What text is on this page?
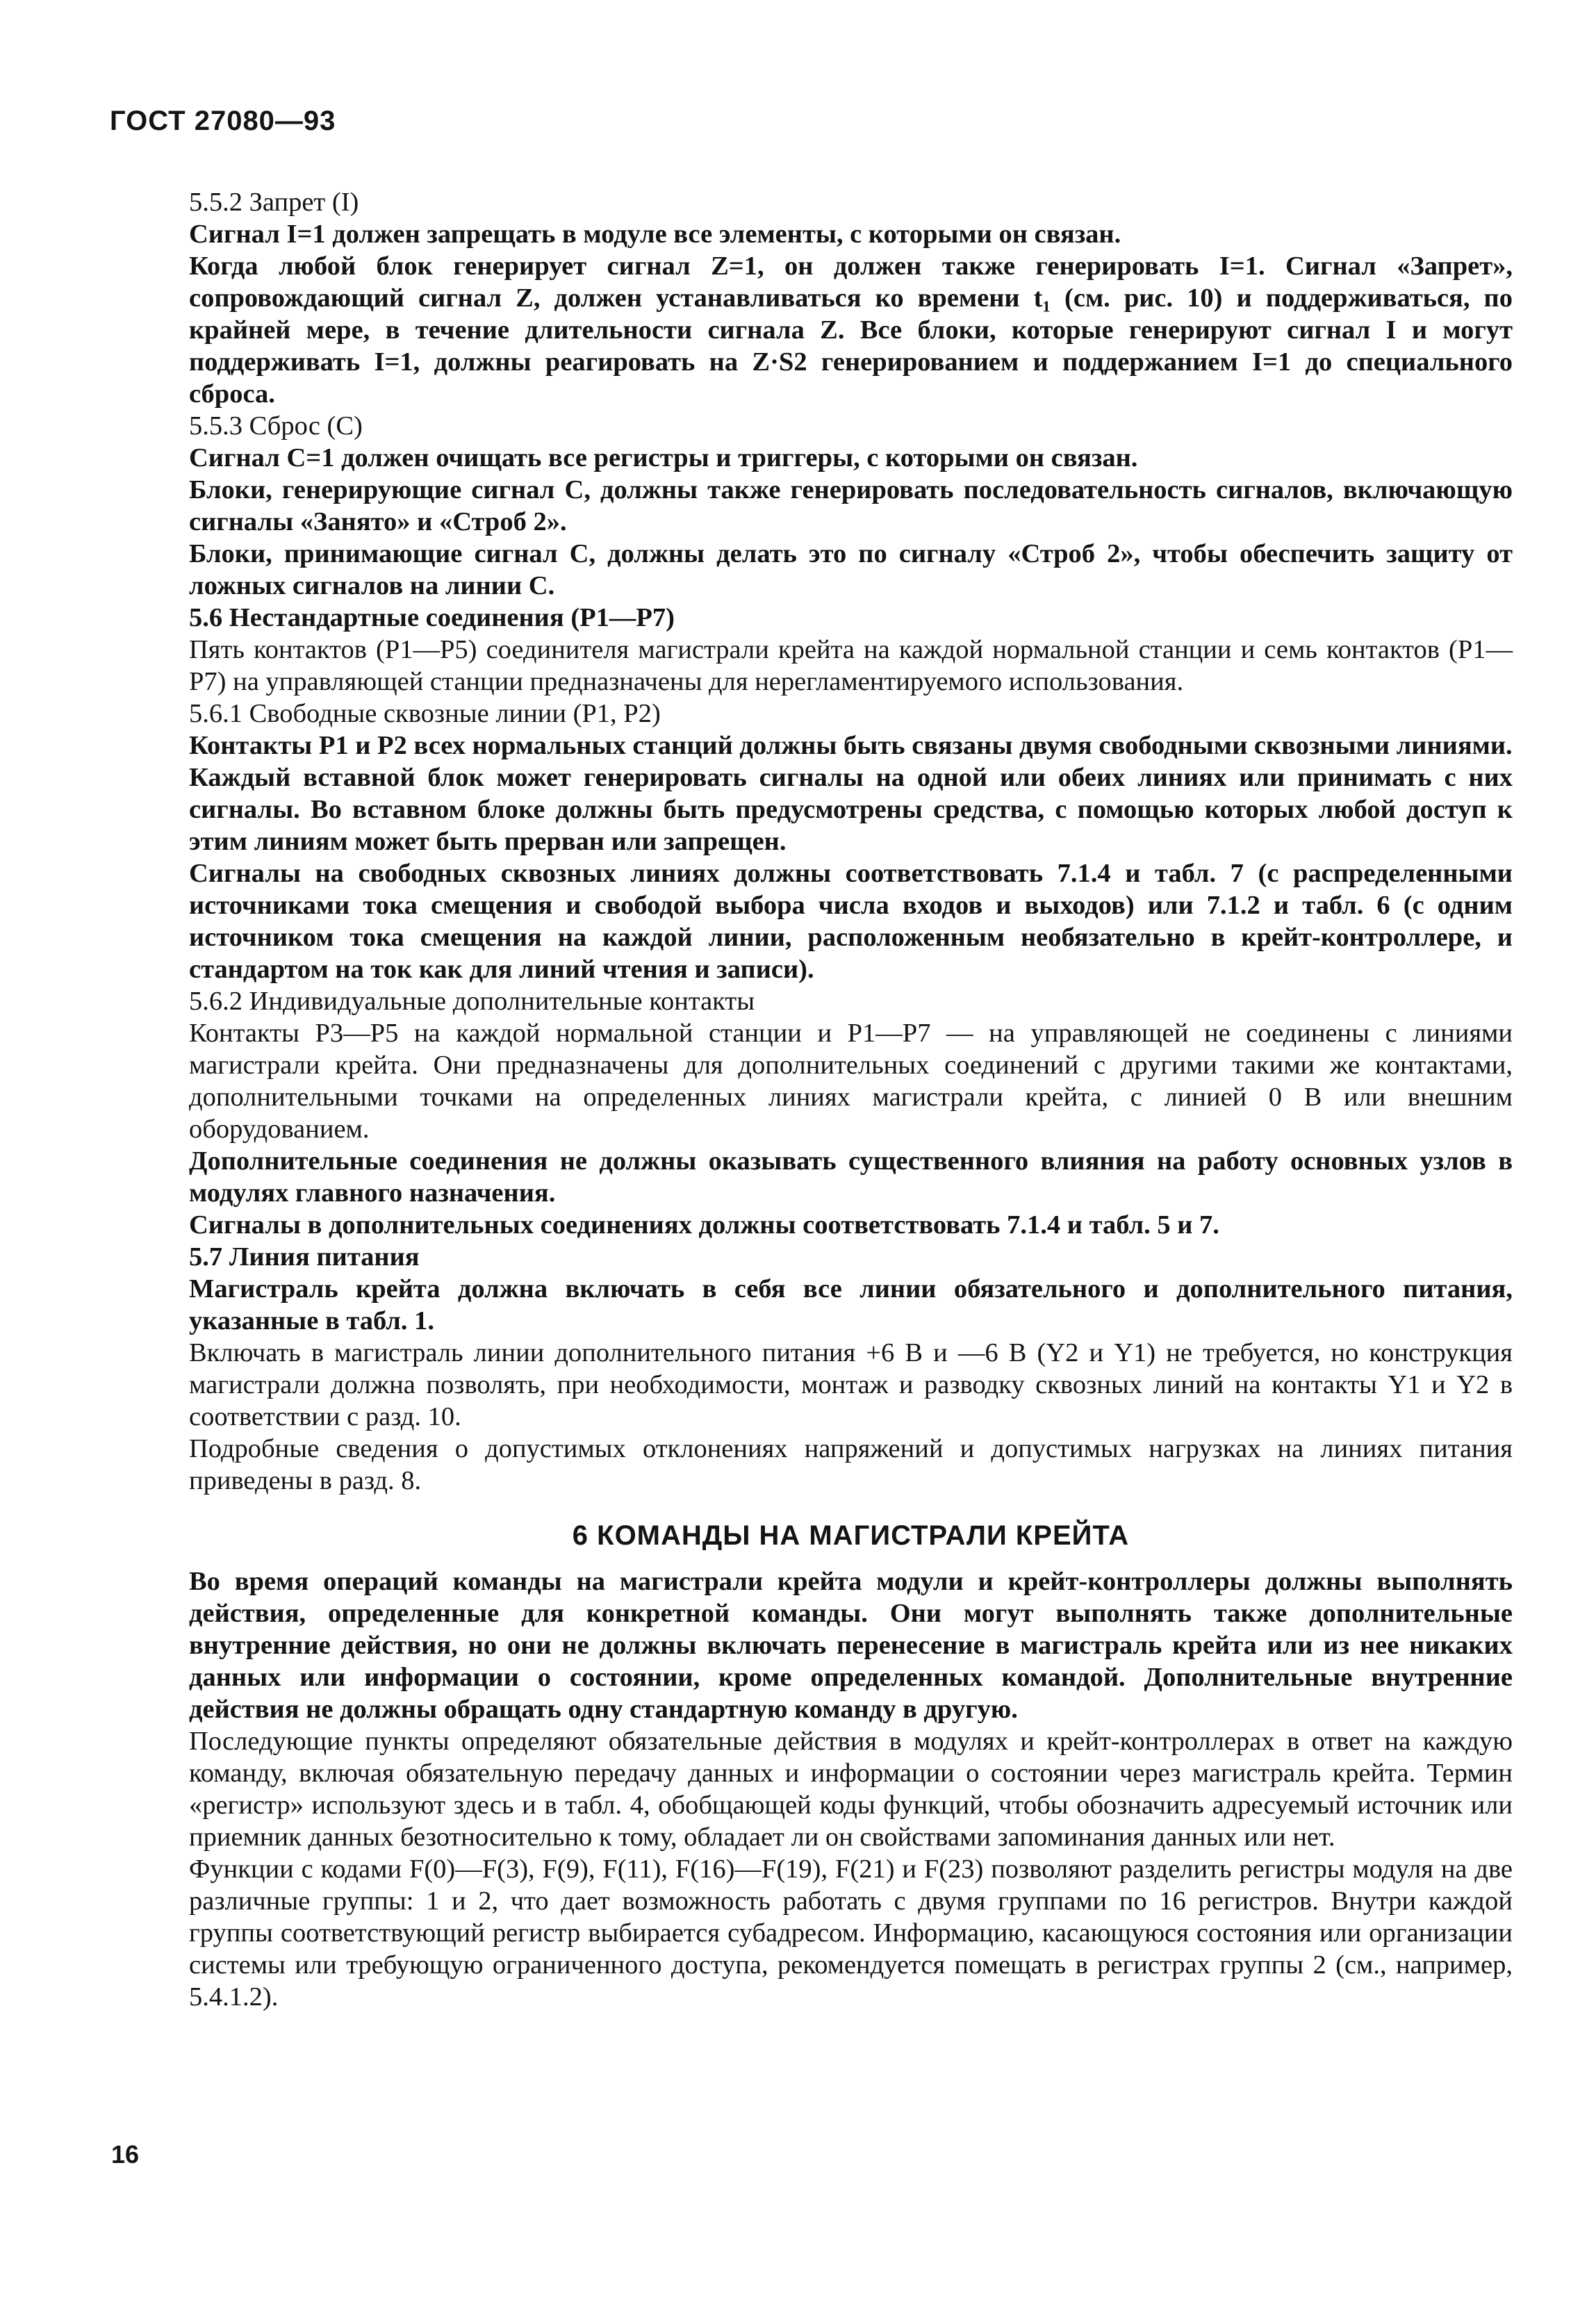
ГОСТ 27080—93

5.5.2 Запрет (I)

Сигнал I=1 должен запрещать в модуле все элементы, с которыми он связан.

Когда любой блок генерирует сигнал Z=1, он должен также генерировать I=1. Сигнал «Запрет», сопровождающий сигнал Z, должен устанавливаться ко времени t₁ (см. рис. 10) и поддерживаться, по крайней мере, в течение длительности сигнала Z. Все блоки, которые генерируют сигнал I и могут поддерживать I=1, должны реагировать на Z·S2 генерированием и поддержанием I=1 до специального сброса.

5.5.3 Сброс (С)

Сигнал С=1 должен очищать все регистры и триггеры, с которыми он связан.

Блоки, генерирующие сигнал С, должны также генерировать последовательность сигналов, включающую сигналы «Занято» и «Строб 2».

Блоки, принимающие сигнал С, должны делать это по сигналу «Строб 2», чтобы обеспечить защиту от ложных сигналов на линии С.

5.6 Нестандартные соединения (P1—P7)

Пять контактов (P1—P5) соединителя магистрали крейта на каждой нормальной станции и семь контактов (P1—P7) на управляющей станции предназначены для нерегламентируемого использования.

5.6.1 Свободные сквозные линии (P1, P2)

Контакты P1 и P2 всех нормальных станций должны быть связаны двумя свободными сквозными линиями.

Каждый вставной блок может генерировать сигналы на одной или обеих линиях или принимать с них сигналы. Во вставном блоке должны быть предусмотрены средства, с помощью которых любой доступ к этим линиям может быть прерван или запрещен.

Сигналы на свободных сквозных линиях должны соответствовать 7.1.4 и табл. 7 (с распределенными источниками тока смещения и свободой выбора числа входов и выходов) или 7.1.2 и табл. 6 (с одним источником тока смещения на каждой линии, расположенным необязательно в крейт-контроллере, и стандартом на ток как для линий чтения и записи).

5.6.2 Индивидуальные дополнительные контакты

Контакты P3—P5 на каждой нормальной станции и P1—P7 — на управляющей не соединены с линиями магистрали крейта. Они предназначены для дополнительных соединений с другими такими же контактами, дополнительными точками на определенных линиях магистрали крейта, с линией 0 В или внешним оборудованием.

Дополнительные соединения не должны оказывать существенного влияния на работу основных узлов в модулях главного назначения.

Сигналы в дополнительных соединениях должны соответствовать 7.1.4 и табл. 5 и 7.

5.7 Линия питания

Магистраль крейта должна включать в себя все линии обязательного и дополнительного питания, указанные в табл. 1.

Включать в магистраль линии дополнительного питания +6 В и —6 В (Y2 и Y1) не требуется, но конструкция магистрали должна позволять, при необходимости, монтаж и разводку сквозных линий на контакты Y1 и Y2 в соответствии с разд. 10.

Подробные сведения о допустимых отклонениях напряжений и допустимых нагрузках на линиях питания приведены в разд. 8.

6 КОМАНДЫ НА МАГИСТРАЛИ КРЕЙТА

Во время операций команды на магистрали крейта модули и крейт-контроллеры должны выполнять действия, определенные для конкретной команды. Они могут выполнять также дополнительные внутренние действия, но они не должны включать перенесение в магистраль крейта или из нее никаких данных или информации о состоянии, кроме определенных командой. Дополнительные внутренние действия не должны обращать одну стандартную команду в другую.

Последующие пункты определяют обязательные действия в модулях и крейт-контроллерах в ответ на каждую команду, включая обязательную передачу данных и информации о состоянии через магистраль крейта. Термин «регистр» используют здесь и в табл. 4, обобщающей коды функций, чтобы обозначить адресуемый источник или приемник данных безотносительно к тому, обладает ли он свойствами запоминания данных или нет.

Функции с кодами F(0)—F(3), F(9), F(11), F(16)—F(19), F(21) и F(23) позволяют разделить регистры модуля на две различные группы: 1 и 2, что дает возможность работать с двумя группами по 16 регистров. Внутри каждой группы соответствующий регистр выбирается субадресом. Информацию, касающуюся состояния или организации системы или требующую ограниченного доступа, рекомендуется помещать в регистрах группы 2 (см., например, 5.4.1.2).

16
